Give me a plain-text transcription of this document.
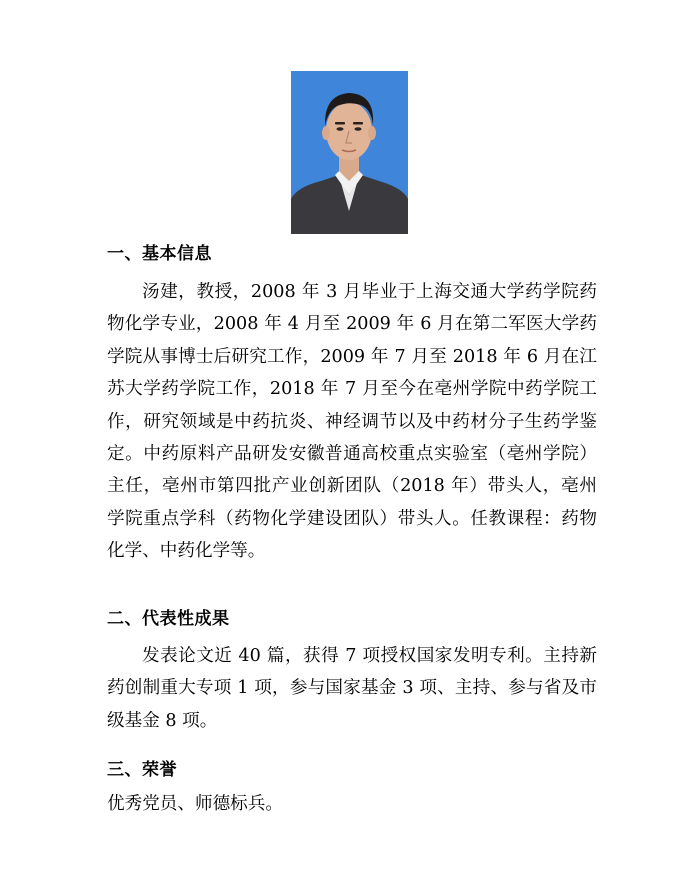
一、基本信息

汤建，教授，2008 年 3 月毕业于上海交通大学药学院药物化学专业，2008 年 4 月至 2009 年 6 月在第二军医大学药学院从事博士后研究工作，2009 年 7 月至 2018 年 6 月在江苏大学药学院工作，2018 年 7 月至今在亳州学院中药学院工作，研究领域是中药抗炎、神经调节以及中药材分子生药学鉴定。中药原料产品研发安徽普通高校重点实验室（亳州学院）主任，亳州市第四批产业创新团队（2018 年）带头人，亳州学院重点学科（药物化学建设团队）带头人。任教课程：药物化学、中药化学等。

二、代表性成果

发表论文近 40 篇，获得 7 项授权国家发明专利。主持新药创制重大专项 1 项，参与国家基金 3 项、主持、参与省及市级基金 8 项。

三、荣誉

优秀党员、师德标兵。
